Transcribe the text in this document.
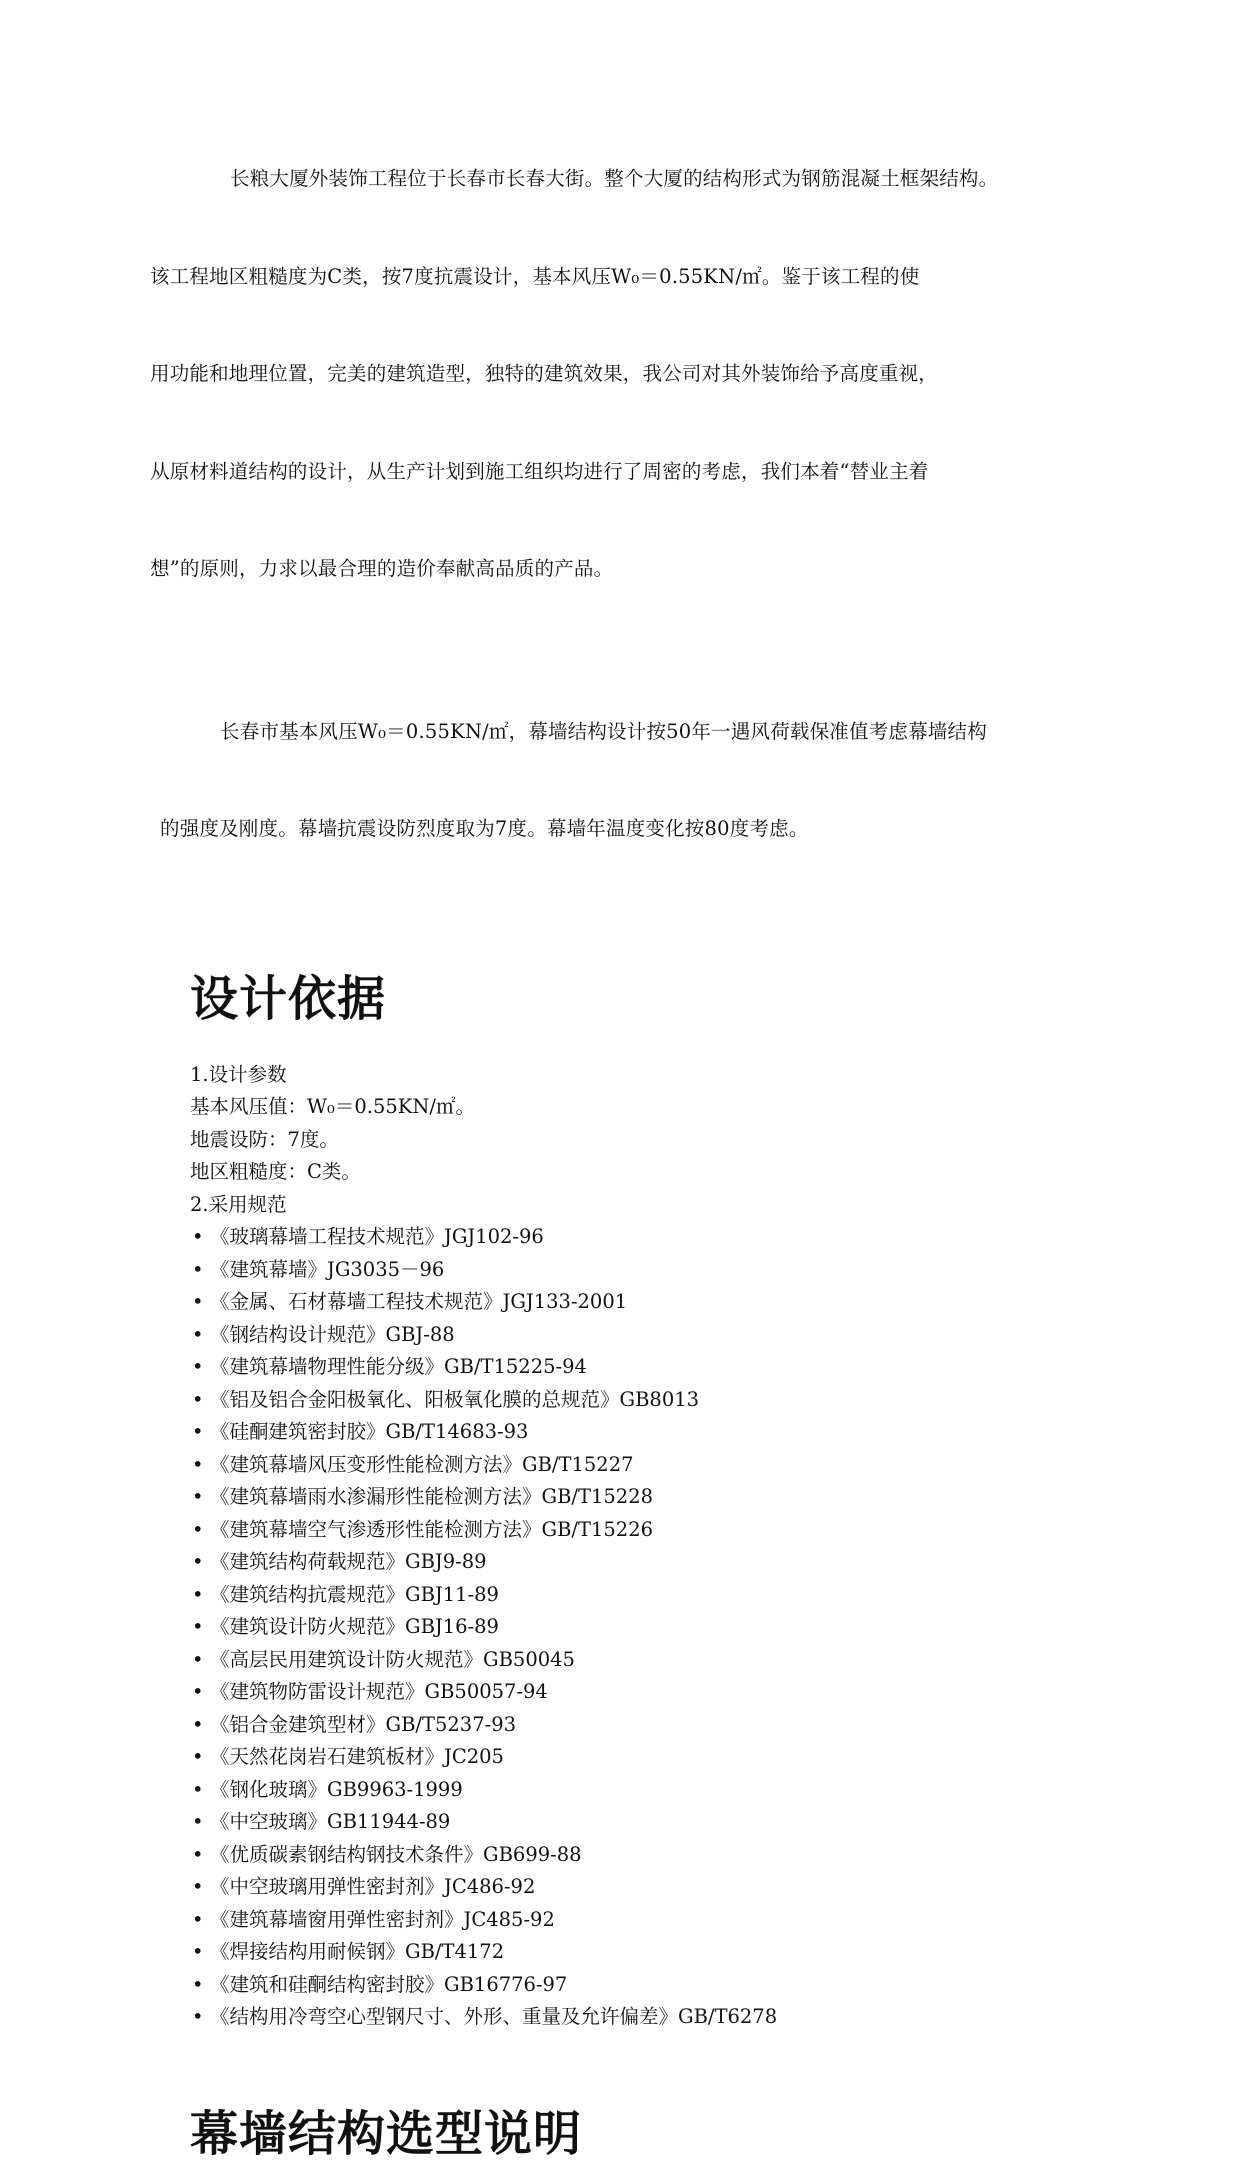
长粮大厦外装饰工程位于长春市长春大街。整个大厦的结构形式为钢筋混凝土框架结构。

该工程地区粗糙度为C类，按7度抗震设计，基本风压W₀＝0.55KN/㎡。鉴于该工程的使

用功能和地理位置，完美的建筑造型，独特的建筑效果，我公司对其外装饰给予高度重视，

从原材料道结构的设计，从生产计划到施工组织均进行了周密的考虑，我们本着“替业主着

想”的原则，力求以最合理的造价奉献高品质的产品。

长春市基本风压W₀＝0.55KN/㎡，幕墙结构设计按50年一遇风荷载保准值考虑幕墙结构

的强度及刚度。幕墙抗震设防烈度取为7度。幕墙年温度变化按80度考虑。

设计依据
1.设计参数
基本风压值：W₀＝0.55KN/㎡。
地震设防：7度。
地区粗糙度：C类。
2.采用规范
• 《玻璃幕墙工程技术规范》JGJ102-96
• 《建筑幕墙》JG3035－96
• 《金属、石材幕墙工程技术规范》JGJ133-2001
• 《钢结构设计规范》GBJ-88
• 《建筑幕墙物理性能分级》GB/T15225-94
• 《铝及铝合金阳极氧化、阳极氧化膜的总规范》GB8013
• 《硅酮建筑密封胶》GB/T14683-93
• 《建筑幕墙风压变形性能检测方法》GB/T15227
• 《建筑幕墙雨水渗漏形性能检测方法》GB/T15228
• 《建筑幕墙空气渗透形性能检测方法》GB/T15226
• 《建筑结构荷载规范》GBJ9-89
• 《建筑结构抗震规范》GBJ11-89
• 《建筑设计防火规范》GBJ16-89
• 《高层民用建筑设计防火规范》GB50045
• 《建筑物防雷设计规范》GB50057-94
• 《铝合金建筑型材》GB/T5237-93
• 《天然花岗岩石建筑板材》JC205
• 《钢化玻璃》GB9963-1999
• 《中空玻璃》GB11944-89
• 《优质碳素钢结构钢技术条件》GB699-88
• 《中空玻璃用弹性密封剂》JC486-92
• 《建筑幕墙窗用弹性密封剂》JC485-92
• 《焊接结构用耐候钢》GB/T4172
• 《建筑和硅酮结构密封胶》GB16776-97
• 《结构用冷弯空心型钢尺寸、外形、重量及允许偏差》GB/T6278
幕墙结构选型说明
